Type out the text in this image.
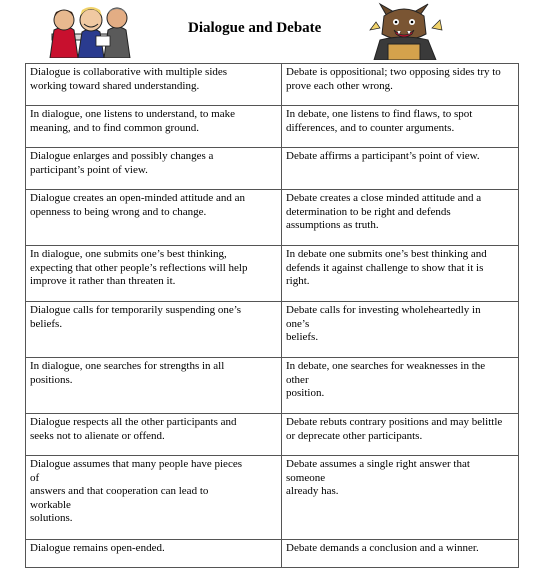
Dialogue and Debate
Dialogue is collaborative with multiple sides
working toward shared understanding.	Debate is oppositional; two opposing sides try to
prove each other wrong.

In dialogue, one listens to understand, to make
meaning, and to find common ground.	In debate, one listens to find flaws, to spot
differences, and to counter arguments.

Dialogue enlarges and possibly changes a
participant’s point of view.	Debate affirms a participant’s point of view.

Dialogue creates an open-minded attitude and an
openness to being wrong and to change.	Debate creates a close minded attitude and a
determination to be right and defends
assumptions as truth.

In dialogue, one submits one’s best thinking,
expecting that other people’s reflections will help
improve it rather than threaten it.	In debate one submits one’s best thinking and
defends it against challenge to show that it is
right.

Dialogue calls for temporarily suspending one’s
beliefs.	Debate calls for investing wholeheartedly in
one’s
beliefs.

In dialogue, one searches for strengths in all
positions.	In debate, one searches for weaknesses in the
other
position.

Dialogue respects all the other participants and
seeks not to alienate or offend.	Debate rebuts contrary positions and may belittle
or deprecate other participants.

Dialogue assumes that many people have pieces
of
answers and that cooperation can lead to
workable
solutions.	Debate assumes a single right answer that
someone
already has.

Dialogue remains open-ended.	Debate demands a conclusion and a winner.
